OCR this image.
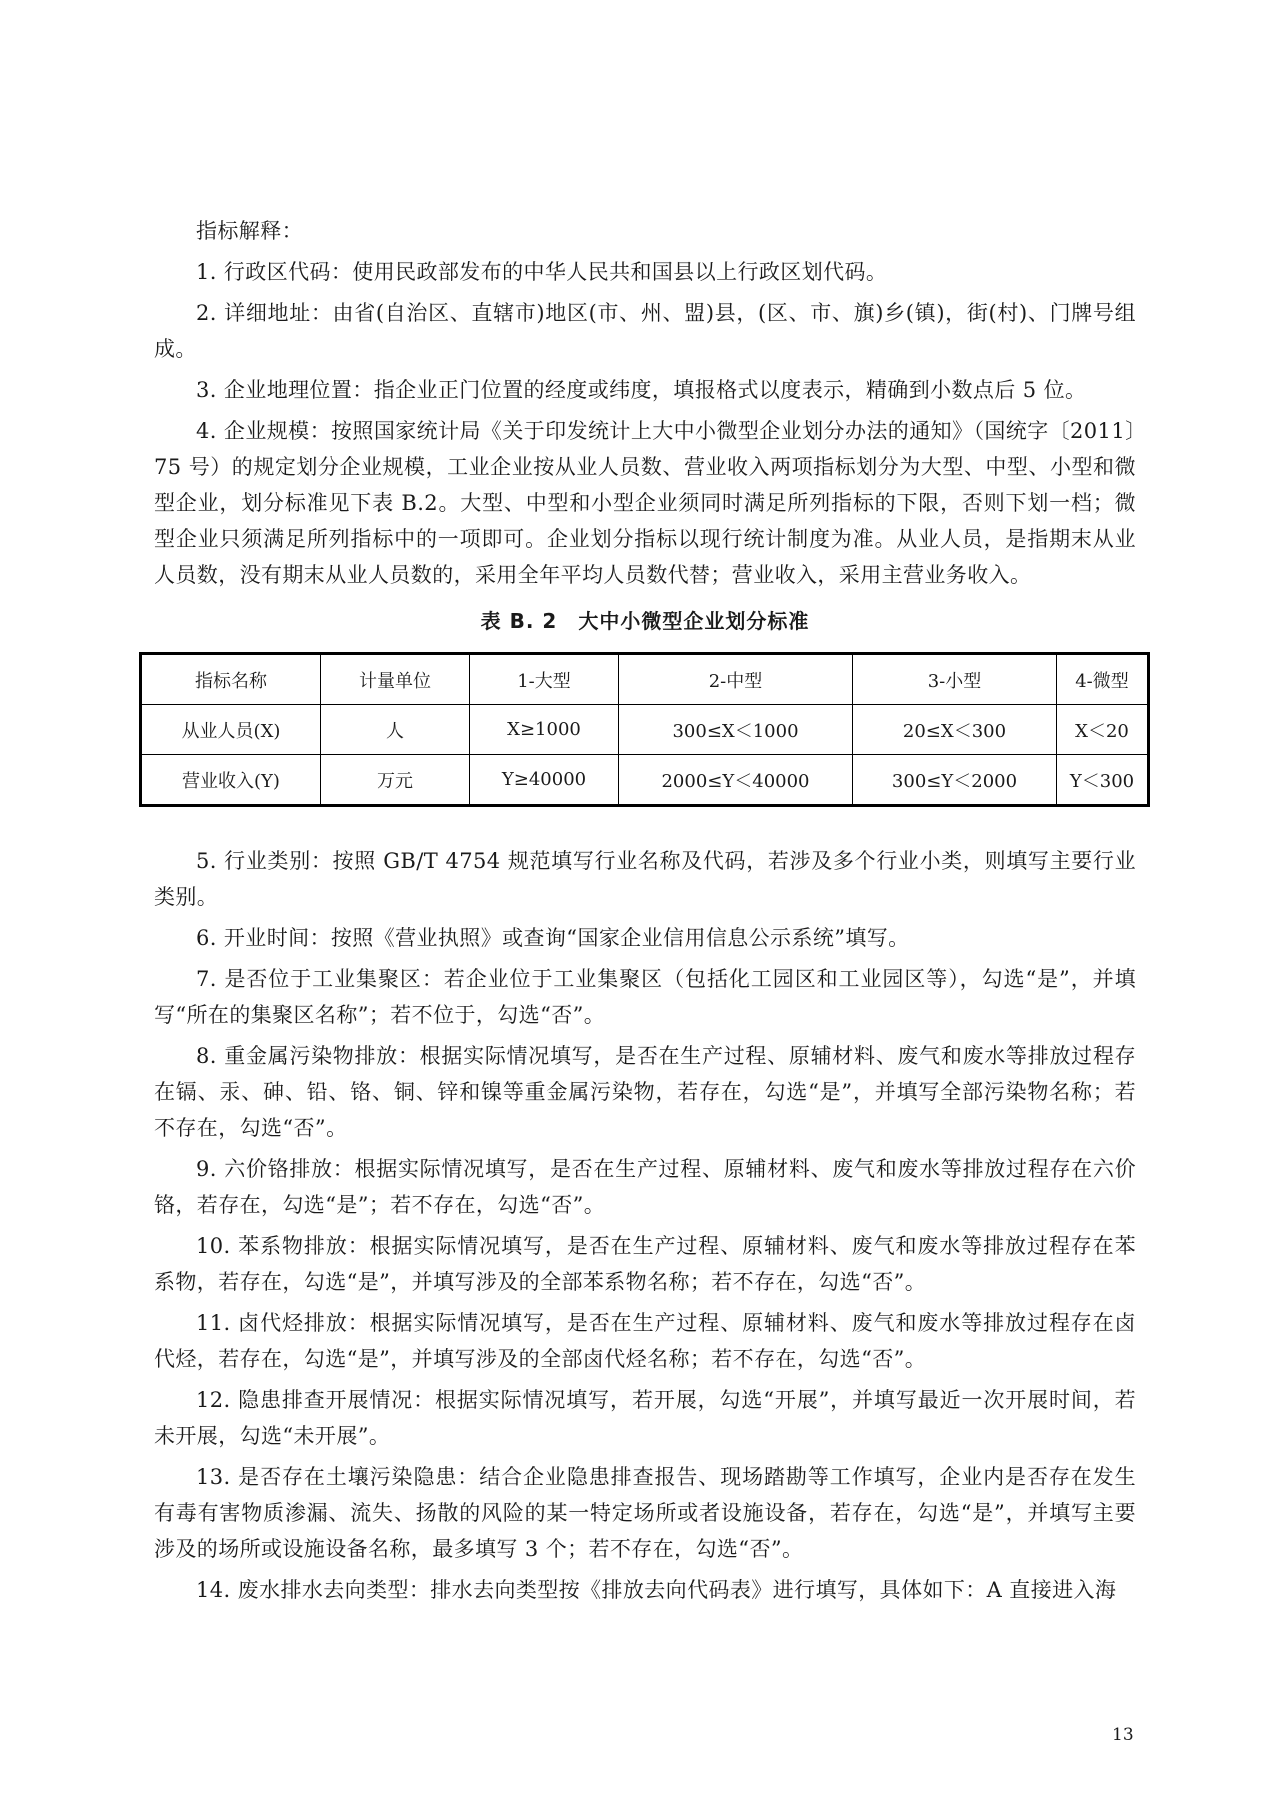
指标解释：

1. 行政区代码：使用民政部发布的中华人民共和国县以上行政区划代码。

2. 详细地址：由省(自治区、直辖市)地区(市、州、盟)县，(区、市、旗)乡(镇)，街(村)、门牌号组成。

3. 企业地理位置：指企业正门位置的经度或纬度，填报格式以度表示，精确到小数点后 5 位。

4. 企业规模：按照国家统计局《关于印发统计上大中小微型企业划分办法的通知》（国统字〔2011〕75 号）的规定划分企业规模，工业企业按从业人员数、营业收入两项指标划分为大型、中型、小型和微型企业，划分标准见下表 B.2。大型、中型和小型企业须同时满足所列指标的下限，否则下划一档；微型企业只须满足所列指标中的一项即可。企业划分指标以现行统计制度为准。从业人员，是指期末从业人员数，没有期末从业人员数的，采用全年平均人员数代替；营业收入，采用主营业务收入。

表 B. 2　大中小微型企业划分标准
指标名称	计量单位	1-大型	2-中型	3-小型	4-微型
从业人员(X)	人	X≥1000	300≤X＜1000	20≤X＜300	X＜20
营业收入(Y)	万元	Y≥40000	2000≤Y＜40000	300≤Y＜2000	Y＜300

5. 行业类别：按照 GB/T 4754 规范填写行业名称及代码，若涉及多个行业小类，则填写主要行业类别。

6. 开业时间：按照《营业执照》或查询“国家企业信用信息公示系统”填写。

7. 是否位于工业集聚区：若企业位于工业集聚区（包括化工园区和工业园区等），勾选“是”，并填写“所在的集聚区名称”；若不位于，勾选“否”。

8. 重金属污染物排放：根据实际情况填写，是否在生产过程、原辅材料、废气和废水等排放过程存在镉、汞、砷、铅、铬、铜、锌和镍等重金属污染物，若存在，勾选“是”，并填写全部污染物名称；若不存在，勾选“否”。

9. 六价铬排放：根据实际情况填写，是否在生产过程、原辅材料、废气和废水等排放过程存在六价铬，若存在，勾选“是”；若不存在，勾选“否”。

10. 苯系物排放：根据实际情况填写，是否在生产过程、原辅材料、废气和废水等排放过程存在苯系物，若存在，勾选“是”，并填写涉及的全部苯系物名称；若不存在，勾选“否”。

11. 卤代烃排放：根据实际情况填写，是否在生产过程、原辅材料、废气和废水等排放过程存在卤代烃，若存在，勾选“是”，并填写涉及的全部卤代烃名称；若不存在，勾选“否”。

12. 隐患排查开展情况：根据实际情况填写，若开展，勾选“开展”，并填写最近一次开展时间，若未开展，勾选“未开展”。

13. 是否存在土壤污染隐患：结合企业隐患排查报告、现场踏勘等工作填写，企业内是否存在发生有毒有害物质渗漏、流失、扬散的风险的某一特定场所或者设施设备，若存在，勾选“是”，并填写主要涉及的场所或设施设备名称，最多填写 3 个；若不存在，勾选“否”。

14. 废水排水去向类型：排水去向类型按《排放去向代码表》进行填写，具体如下：A 直接进入海

13
